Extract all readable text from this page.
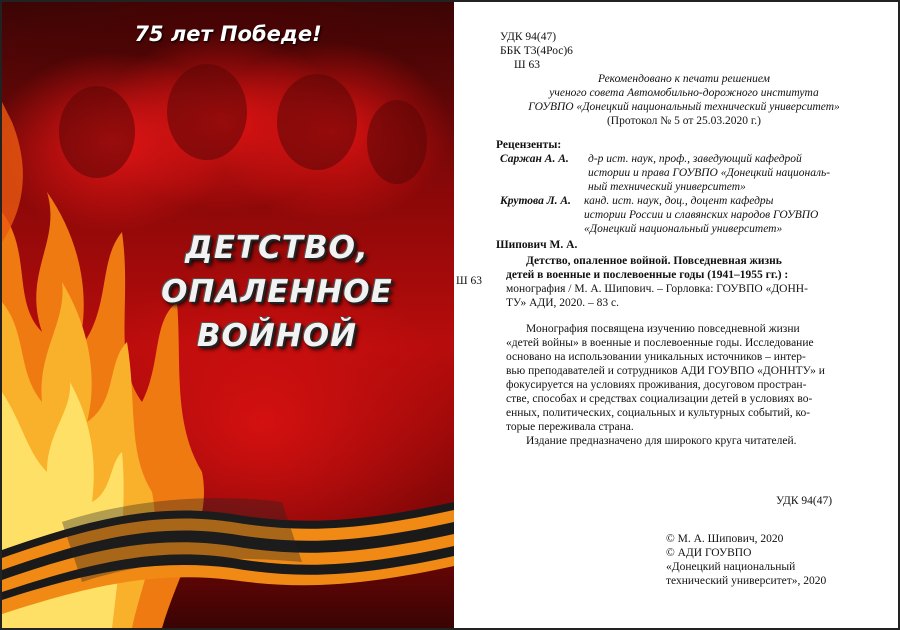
75 лет Победе!
ДЕТСТВО,
ОПАЛЕННОЕ
ВОЙНОЙ
УДК 94(47)
ББК Т3(4Рос)6
Ш 63
Рекомендовано к печати решением
ученого совета Автомобильно-дорожного института
ГОУВПО «Донецкий национальный технический университет»
(Протокол № 5 от 25.03.2020 г.)
Рецензенты:
Саржан А. А. д-р ист. наук, проф., заведующий кафедрой
истории и права ГОУВПО «Донецкий националь-
ный технический университет»
Крутова Л. А. канд. ист. наук, доц., доцент кафедры
истории России и славянских народов ГОУВПО
«Донецкий национальный университет»
Шипович М. А.
Ш 63
Детство, опаленное войной. Повседневная жизнь
детей в военные и послевоенные годы (1941–1955 гг.) :
монография / М. А. Шипович. – Горловка: ГОУВПО «ДОНН-
ТУ» АДИ, 2020. – 83 с.
Монография посвящена изучению повседневной жизни
«детей войны» в военные и послевоенные годы. Исследование
основано на использовании уникальных источников – интер-
вью преподавателей и сотрудников АДИ ГОУВПО «ДОННТУ» и
фокусируется на условиях проживания, досуговом простран-
стве, способах и средствах социализации детей в условиях во-
енных, политических, социальных и культурных событий, ко-
торые переживала страна.
Издание предназначено для широкого круга читателей.
УДК 94(47)
© М. А. Шипович, 2020
© АДИ ГОУВПО
«Донецкий национальный
технический университет», 2020
